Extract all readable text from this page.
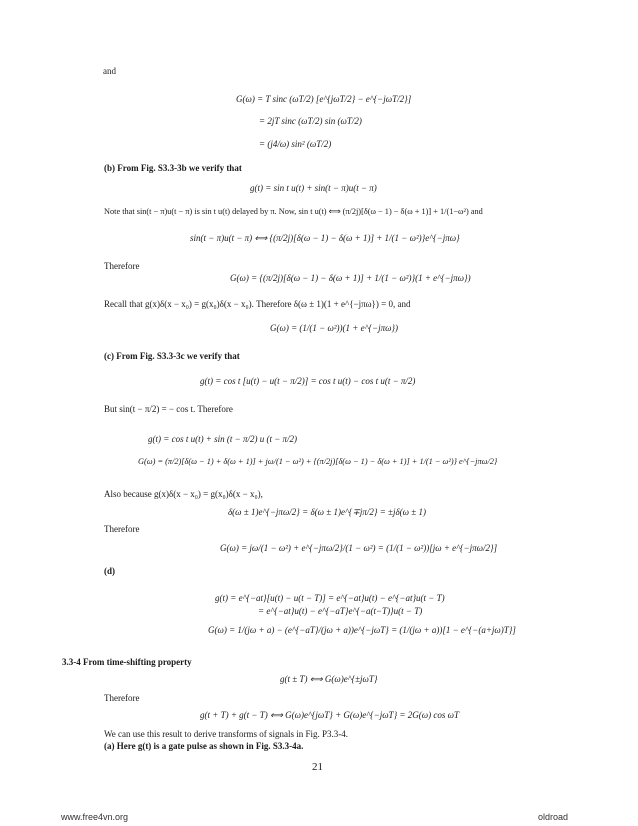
and
G(ω) = T sinc (ωT/2) [e^{jωT/2} − e^{−jωT/2}]
= 2jT sinc (ωT/2) sin (ωT/2)
= (j4/ω) sin² (ωT/2)
(b) From Fig. S3.3-3b we verify that
g(t) = sin t u(t) + sin(t − π)u(t − π)
Note that sin(t − π)u(t − π) is sin t u(t) delayed by π. Now, sin t u(t) ⟺ (π/2j)[δ(ω − 1) − δ(ω + 1)] + 1/(1−ω²) and
sin(t − π)u(t − π) ⟺ {(π/2j)[δ(ω − 1) − δ(ω + 1)] + 1/(1 − ω²)}e^{−jπω}
Therefore
G(ω) = {(π/2j)[δ(ω − 1) − δ(ω + 1)] + 1/(1 − ω²)}(1 + e^{−jπω})
Recall that g(x)δ(x − x₀) = g(x₀)δ(x − x₀). Therefore δ(ω ± 1)(1 + e^{−jπω}) = 0, and
G(ω) = (1/(1 − ω²))(1 + e^{−jπω})
(c) From Fig. S3.3-3c we verify that
g(t) = cos t [u(t) − u(t − π/2)] = cos t u(t) − cos t u(t − π/2)
But sin(t − π/2) = − cos t. Therefore
g(t) = cos t u(t) + sin (t − π/2) u (t − π/2)
G(ω) = (π/2)[δ(ω − 1) + δ(ω + 1)] + jω/(1 − ω²) + {(π/2j)[δ(ω − 1) − δ(ω + 1)] + 1/(1 − ω²)} e^{−jπω/2}
Also because g(x)δ(x − x₀) = g(x₀)δ(x − x₀),
δ(ω ± 1)e^{−jπω/2} = δ(ω ± 1)e^{∓jπ/2} = ±jδ(ω ± 1)
Therefore
G(ω) = jω/(1 − ω²) + e^{−jπω/2}/(1 − ω²) = (1/(1 − ω²))[jω + e^{−jπω/2}]
(d)
g(t) = e^{−at}[u(t) − u(t − T)] = e^{−at}u(t) − e^{−at}u(t − T)
= e^{−at}u(t) − e^{−aT}e^{−a(t−T)}u(t − T)
G(ω) = 1/(jω + a) − (e^{−aT}/(jω + a))e^{−jωT} = (1/(jω + a))[1 − e^{−(a+jω)T}]
3.3-4 From time-shifting property
g(t ± T) ⟺ G(ω)e^{±jωT}
Therefore
g(t + T) + g(t − T) ⟺ G(ω)e^{jωT} + G(ω)e^{−jωT} = 2G(ω) cos ωT
We can use this result to derive transforms of signals in Fig. P3.3-4.
(a) Here g(t) is a gate pulse as shown in Fig. S3.3-4a.
21
www.free4vn.org	oldroad
